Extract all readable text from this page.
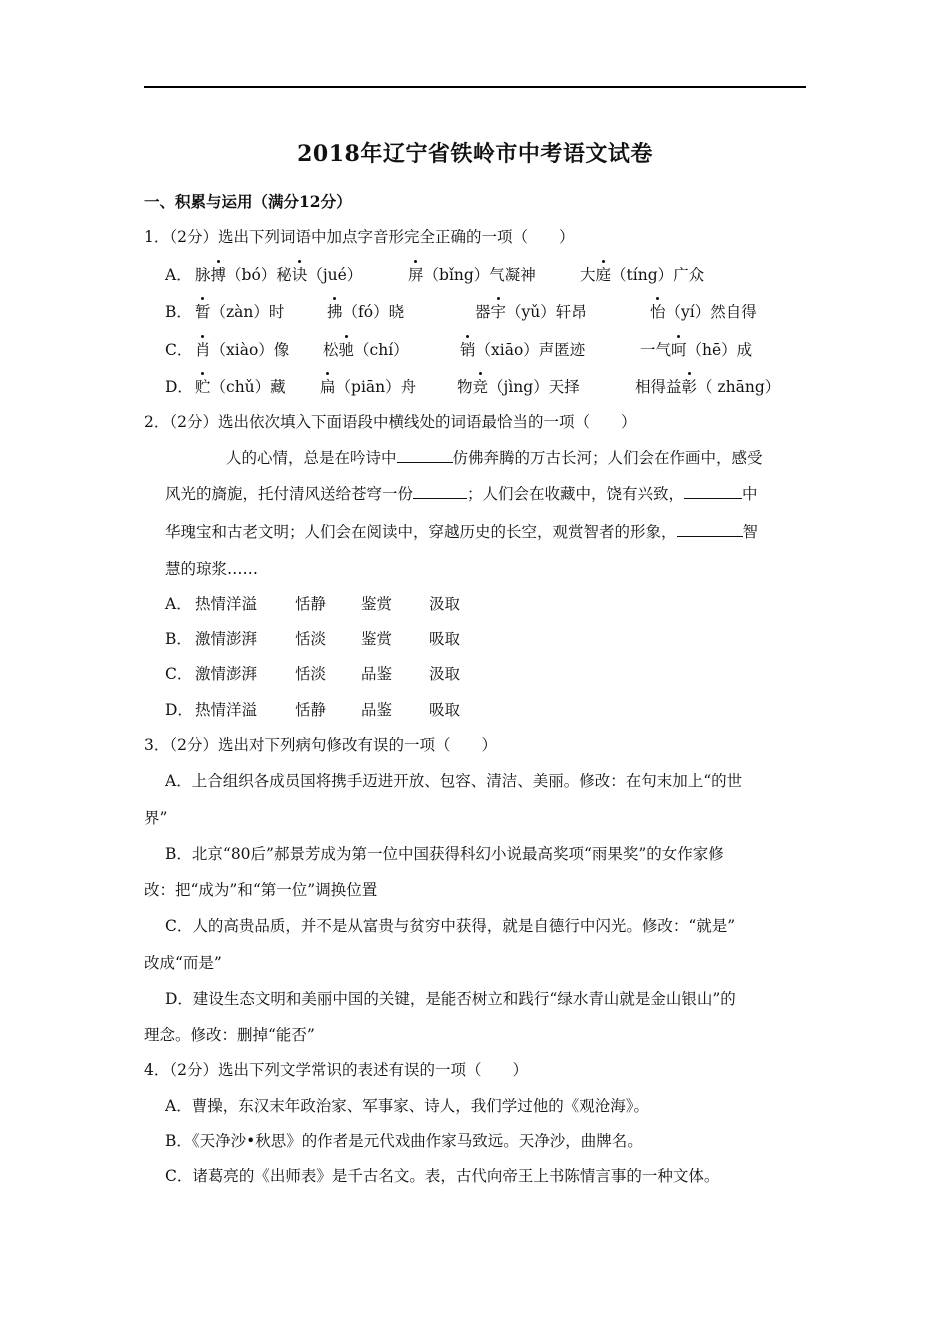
2018年辽宁省铁岭市中考语文试卷
一、积累与运用（满分12分）
1．（2分）选出下列词语中加点字音形完全正确的一项（　　）
A． 脉搏（bó）秘诀（jué）	屏（bǐng）气凝神	大庭（tíng）广众
B． 暂（zàn）时	拂（fó）晓	器宇（yǔ）轩昂	怡（yí）然自得
C． 肖（xiào）像 松驰（chí）	销（xiāo）声匿迹	一气呵（hē）成
D． 贮（chǔ）藏 扁（piān）舟	物竞（jìng）天择	相得益彰（ zhāng）
2．（2分）选出依次填入下面语段中横线处的词语最恰当的一项（　　）
人的心情，总是在吟诗中	仿佛奔腾的万古长河；人们会在作画中，感受
风光的旖旎，托付清风送给苍穹一份	；人们会在收藏中，饶有兴致，	中
华瑰宝和古老文明；人们会在阅读中，穿越历史的长空，观赏智者的形象，	智
慧的琼浆……
A． 热情洋溢 恬静 鉴赏 汲取
B． 激情澎湃 恬淡 鉴赏 吸取
C． 激情澎湃 恬淡 品鉴 汲取
D． 热情洋溢 恬静 品鉴 吸取
3．（2分）选出对下列病句修改有误的一项（　　）
A．上合组织各成员国将携手迈进开放、包容、清洁、美丽。修改：在句末加上“的世
界”
B．北京“80后”郝景芳成为第一位中国获得科幻小说最高奖项“雨果奖”的女作家修
改：把“成为”和“第一位”调换位置
C．人的高贵品质，并不是从富贵与贫穷中获得，就是自德行中闪光。修改：“就是”
改成“而是”
D．建设生态文明和美丽中国的关键，是能否树立和践行“绿水青山就是金山银山”的
理念。修改：删掉“能否”
4．（2分）选出下列文学常识的表述有误的一项（　　）
A．曹操，东汉末年政治家、军事家、诗人，我们学过他的《观沧海》。
B．《天净沙•秋思》的作者是元代戏曲作家马致远。天净沙，曲牌名。
C．诸葛亮的《出师表》是千古名文。表，古代向帝王上书陈情言事的一种文体。
